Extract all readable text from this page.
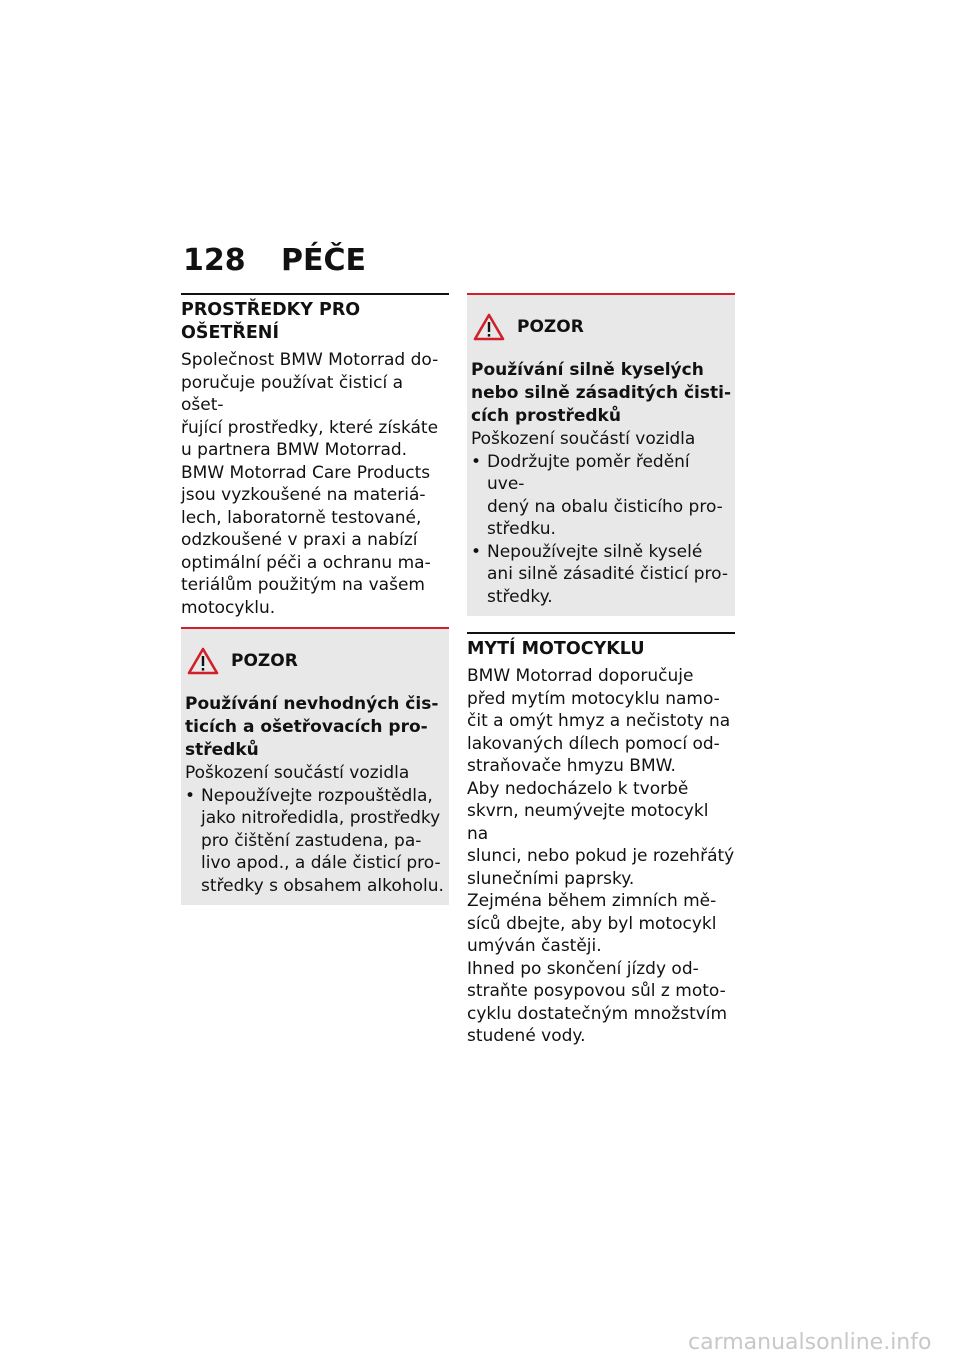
128 PÉČE
PROSTŘEDKY PRO
OŠETŘENÍ
Společnost BMW Motorrad do-
poručuje používat čisticí a ošet-
řující prostředky, které získáte
u partnera BMW Motorrad.
BMW Motorrad Care Products
jsou vyzkoušené na materiá-
lech, laboratorně testované,
odzkoušené v praxi a nabízí
optimální péči a ochranu ma-
teriálům použitým na vašem
motocyklu.
POZOR
Používání nevhodných čis-
ticích a ošetřovacích pro-
středků
Poškození součástí vozidla
• Nepoužívejte rozpouštědla,
jako nitroředidla, prostředky
pro čištění zastudena, pa-
livo apod., a dále čisticí pro-
středky s obsahem alkoholu.
POZOR
Používání silně kyselých
nebo silně zásaditých čisti-
cích prostředků
Poškození součástí vozidla
• Dodržujte poměr ředění uve-
dený na obalu čisticího pro-
středku.
• Nepoužívejte silně kyselé
ani silně zásadité čisticí pro-
středky.
MYTÍ MOTOCYKLU
BMW Motorrad doporučuje
před mytím motocyklu namo-
čit a omýt hmyz a nečistoty na
lakovaných dílech pomocí od-
straňovače hmyzu BMW.
Aby nedocházelo k tvorbě
skvrn, neumývejte motocykl na
slunci, nebo pokud je rozehřátý
slunečními paprsky.
Zejména během zimních mě-
síců dbejte, aby byl motocykl
umýván častěji.
Ihned po skončení jízdy od-
straňte posypovou sůl z moto-
cyklu dostatečným množstvím
studené vody.
carmanualsonline.info
